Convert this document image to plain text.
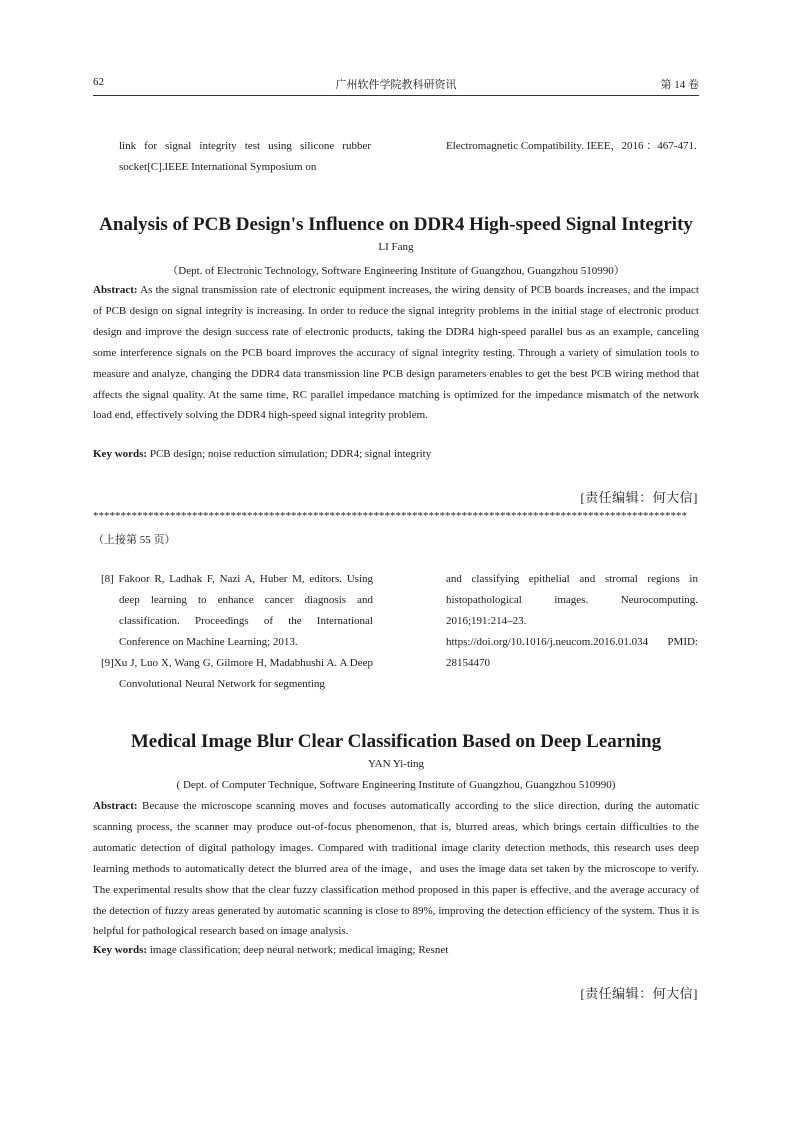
62	广州软件学院教科研资讯	第 14 卷

link for signal integrity test using silicone rubber socket[C].IEEE International Symposium on

Electromagnetic Compatibility. IEEE，2016 ：467-471.

Analysis of PCB Design's Influence on DDR4 High-speed Signal Integrity
LI Fang
（Dept. of Electronic Technology, Software Engineering Institute of Guangzhou, Guangzhou 510990）

Abstract: As the signal transmission rate of electronic equipment increases, the wiring density of PCB boards increases, and the impact of PCB design on signal integrity is increasing. In order to reduce the signal integrity problems in the initial stage of electronic product design and improve the design success rate of electronic products, taking the DDR4 high-speed parallel bus as an example, canceling some interference signals on the PCB board improves the accuracy of signal integrity testing. Through a variety of simulation tools to measure and analyze, changing the DDR4 data transmission line PCB design parameters enables to get the best PCB wiring method that affects the signal quality. At the same time, RC parallel impedance matching is optimized for the impedance mismatch of the network load end, effectively solving the DDR4 high-speed signal integrity problem.

Key words: PCB design; noise reduction simulation; DDR4; signal integrity
[责任编辑：何大信]
************************************************************************************************************
（上接第 55 页）

[8] Fakoor R, Ladhak F, Nazi A, Huber M, editors. Using deep learning to enhance cancer diagnosis and classification. Proceedings of the International Conference on Machine Learning; 2013.

[9]Xu J, Luo X, Wang G, Gilmore H, Madabhushi A. A Deep Convolutional Neural Network for segmenting

and classifying epithelial and stromal regions in histopathological images. Neurocomputing. 2016;191:214–23. https://doi.org/10.1016/j.neucom.2016.01.034 PMID: 28154470

Medical Image Blur Clear Classification Based on Deep Learning
YAN Yi-ting
( Dept. of Computer Technique, Software Engineering Institute of Guangzhou, Guangzhou 510990)

Abstract: Because the microscope scanning moves and focuses automatically according to the slice direction, during the automatic scanning process, the scanner may produce out-of-focus phenomenon, that is, blurred areas, which brings certain difficulties to the automatic detection of digital pathology images. Compared with traditional image clarity detection methods, this research uses deep learning methods to automatically detect the blurred area of the image，and uses the image data set taken by the microscope to verify. The experimental results show that the clear fuzzy classification method proposed in this paper is effective, and the average accuracy of the detection of fuzzy areas generated by automatic scanning is close to 89%, improving the detection efficiency of the system. Thus it is helpful for pathological research based on image analysis.

Key words: image classification; deep neural network; medical imaging; Resnet
[责任编辑：何大信]
